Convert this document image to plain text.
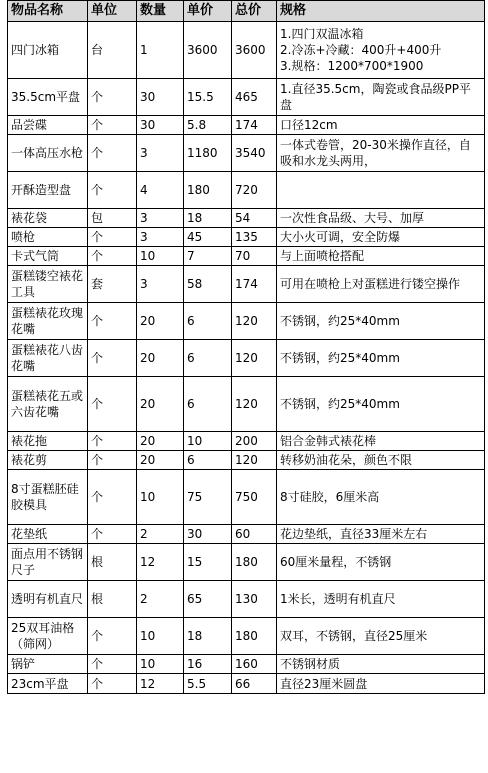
物品名称	单位	数量	单价	总价	规格
四门冰箱	台	1	3600	3600	1.四门双温冰箱
2.冷冻+冷藏：400升+400升
3.规格：1200*700*1900

35.5cm平盘	个	30	15.5	465	1.直径35.5cm，陶瓷或食品级PP平盘

品尝碟	个	30	5.8	174	口径12cm

一体高压水枪	个	3	1180	3540	一体式卷管，20-30米操作直径，自吸和水龙头两用，

开酥造型盘	个	4	180	720	

裱花袋	包	3	18	54	一次性食品级、大号、加厚

喷枪	个	3	45	135	大小火可调，安全防爆

卡式气筒	个	10	7	70	与上面喷枪搭配

蛋糕镂空裱花工具	套	3	58	174	可用在喷枪上对蛋糕进行镂空操作

蛋糕裱花玫瑰花嘴	个	20	6	120	不锈钢，约25*40mm

蛋糕裱花八齿花嘴	个	20	6	120	不锈钢，约25*40mm

蛋糕裱花五或六齿花嘴	个	20	6	120	不锈钢，约25*40mm

裱花拖	个	20	10	200	铝合金韩式裱花棒

裱花剪	个	20	6	120	转移奶油花朵，颜色不限

8寸蛋糕胚硅胶模具	个	10	75	750	8寸硅胶，6厘米高

花垫纸	个	2	30	60	花边垫纸，直径33厘米左右

面点用不锈钢尺子	根	12	15	180	60厘米量程，不锈钢

透明有机直尺	根	2	65	130	1米长，透明有机直尺

25双耳油格（筛网）	个	10	18	180	双耳，不锈钢，直径25厘米

锅铲	个	10	16	160	不锈钢材质

23cm平盘	个	12	5.5	66	直径23厘米圆盘
